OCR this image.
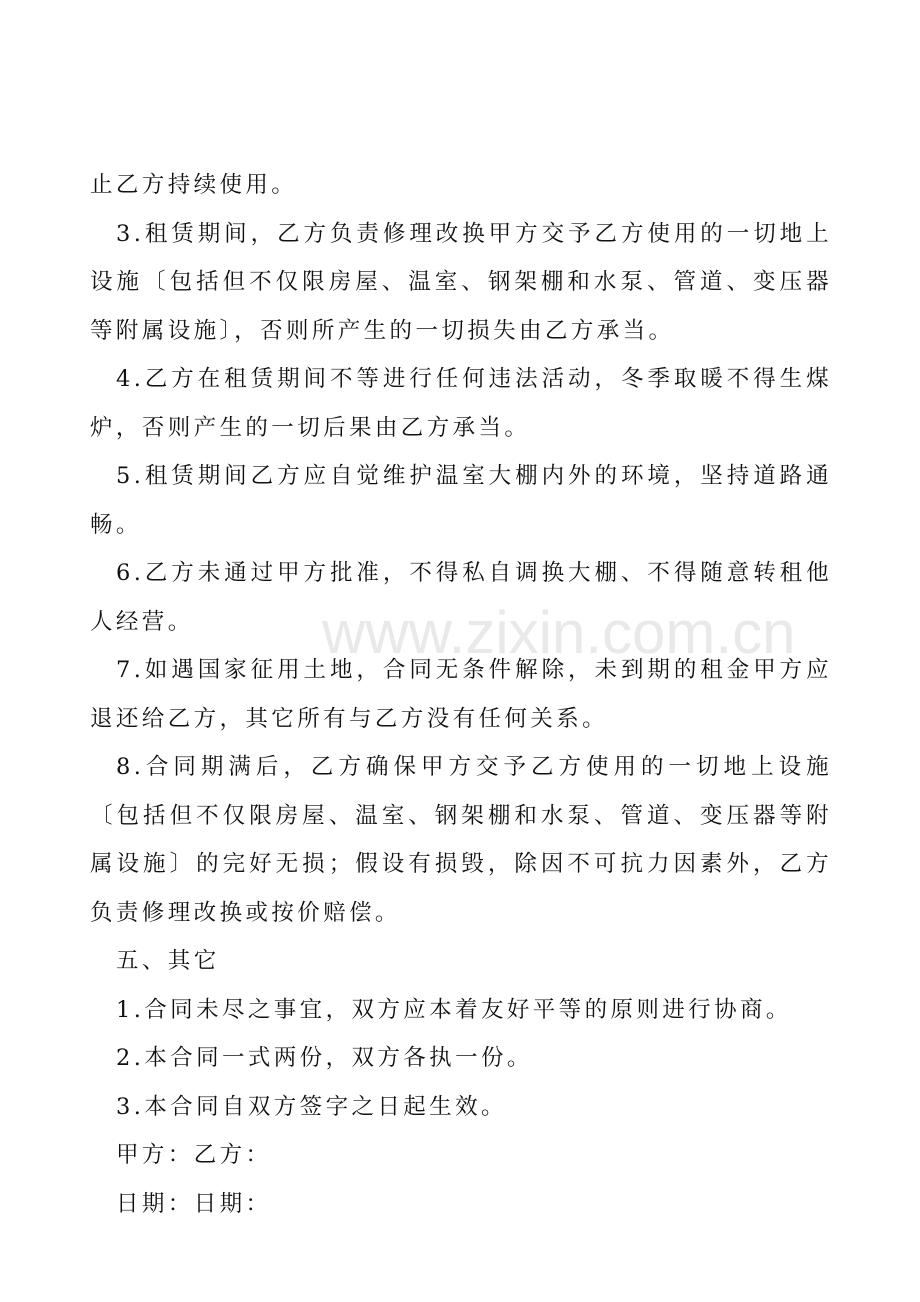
www.zixin.com.cn

止乙方持续使用。

3.租赁期间，乙方负责修理改换甲方交予乙方使用的一切地上设施〔包括但不仅限房屋、温室、钢架棚和水泵、管道、变压器等附属设施〕，否则所产生的一切损失由乙方承当。

4.乙方在租赁期间不等进行任何违法活动，冬季取暖不得生煤炉，否则产生的一切后果由乙方承当。

5.租赁期间乙方应自觉维护温室大棚内外的环境，坚持道路通畅。

6.乙方未通过甲方批准，不得私自调换大棚、不得随意转租他人经营。

7.如遇国家征用土地，合同无条件解除，未到期的租金甲方应退还给乙方，其它所有与乙方没有任何关系。

8.合同期满后，乙方确保甲方交予乙方使用的一切地上设施〔包括但不仅限房屋、温室、钢架棚和水泵、管道、变压器等附属设施〕的完好无损；假设有损毁，除因不可抗力因素外，乙方负责修理改换或按价赔偿。

五、其它

1.合同未尽之事宜，双方应本着友好平等的原则进行协商。

2.本合同一式两份，双方各执一份。

3.本合同自双方签字之日起生效。

甲方：乙方：

日期：日期：
